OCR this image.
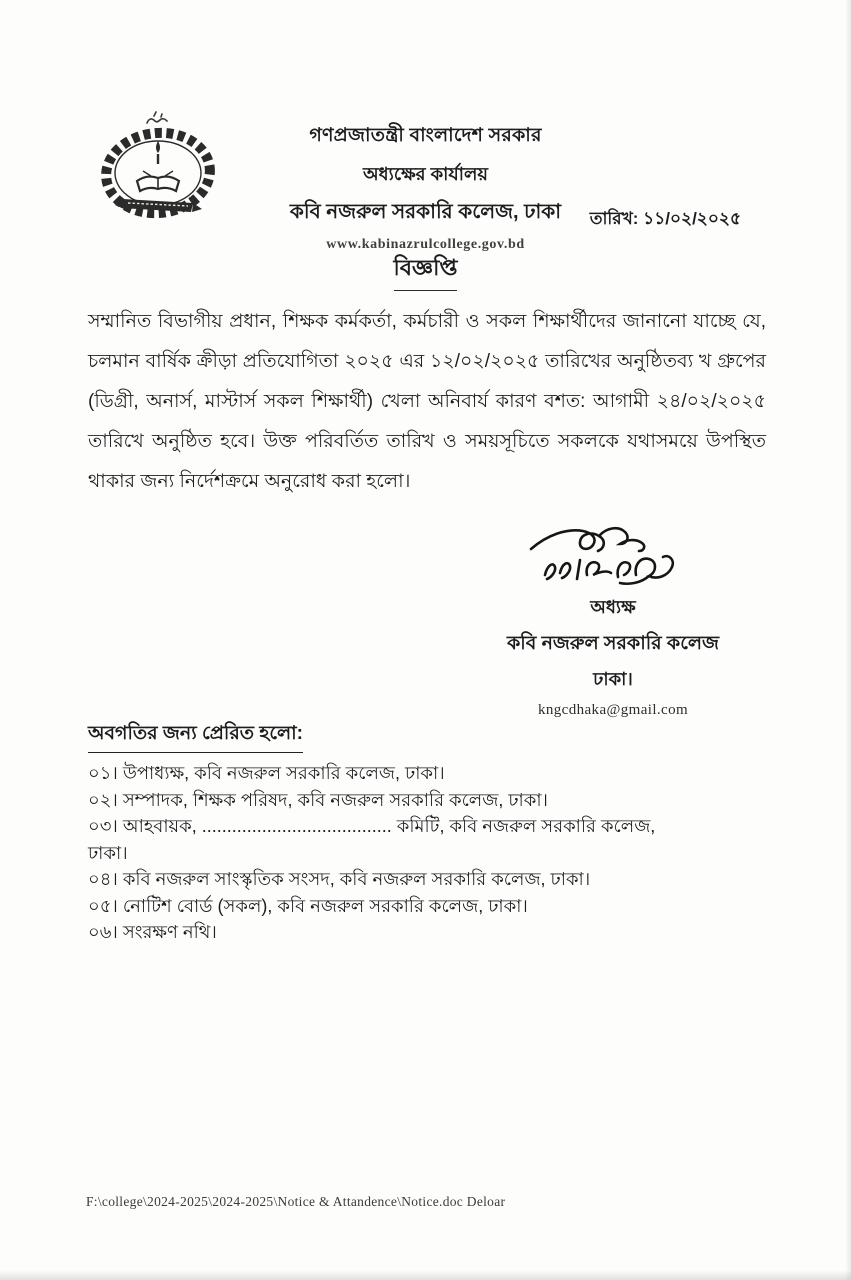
গণপ্রজাতন্ত্রী বাংলাদেশ সরকার
অধ্যক্ষের কার্যালয়
কবি নজরুল সরকারি কলেজ, ঢাকা
www.kabinazrulcollege.gov.bd
তারিখ: ১১/০২/২০২৫
বিজ্ঞপ্তি
সম্মানিত বিভাগীয় প্রধান, শিক্ষক কর্মকর্তা, কর্মচারী ও সকল শিক্ষার্থীদের জানানো যাচ্ছে যে, চলমান বার্ষিক ক্রীড়া প্রতিযোগিতা ২০২৫ এর ১২/০২/২০২৫ তারিখের অনুষ্ঠিতব্য খ গ্রুপের (ডিগ্রী, অনার্স, মাস্টার্স সকল শিক্ষার্থী) খেলা অনিবার্য কারণ বশত: আগামী ২৪/০২/২০২৫ তারিখে অনুষ্ঠিত হবে। উক্ত পরিবর্তিত তারিখ ও সময়সূচিতে সকলকে যথাসময়ে উপস্থিত থাকার জন্য নির্দেশক্রমে অনুরোধ করা হলো।
অধ্যক্ষ
কবি নজরুল সরকারি কলেজ
ঢাকা।
kngcdhaka@gmail.com
অবগতির জন্য প্রেরিত হলো:
০১। উপাধ্যক্ষ, কবি নজরুল সরকারি কলেজ, ঢাকা।
০২। সম্পাদক, শিক্ষক পরিষদ, কবি নজরুল সরকারি কলেজ, ঢাকা।
০৩। আহবায়ক, ...................................... কমিটি, কবি নজরুল সরকারি কলেজ, ঢাকা।
০৪। কবি নজরুল সাংস্কৃতিক সংসদ, কবি নজরুল সরকারি কলেজ, ঢাকা।
০৫। নোটিশ বোর্ড (সকল), কবি নজরুল সরকারি কলেজ, ঢাকা।
০৬। সংরক্ষণ নথি।
F:\college\2024-2025\2024-2025\Notice & Attandence\Notice.doc Deloar
